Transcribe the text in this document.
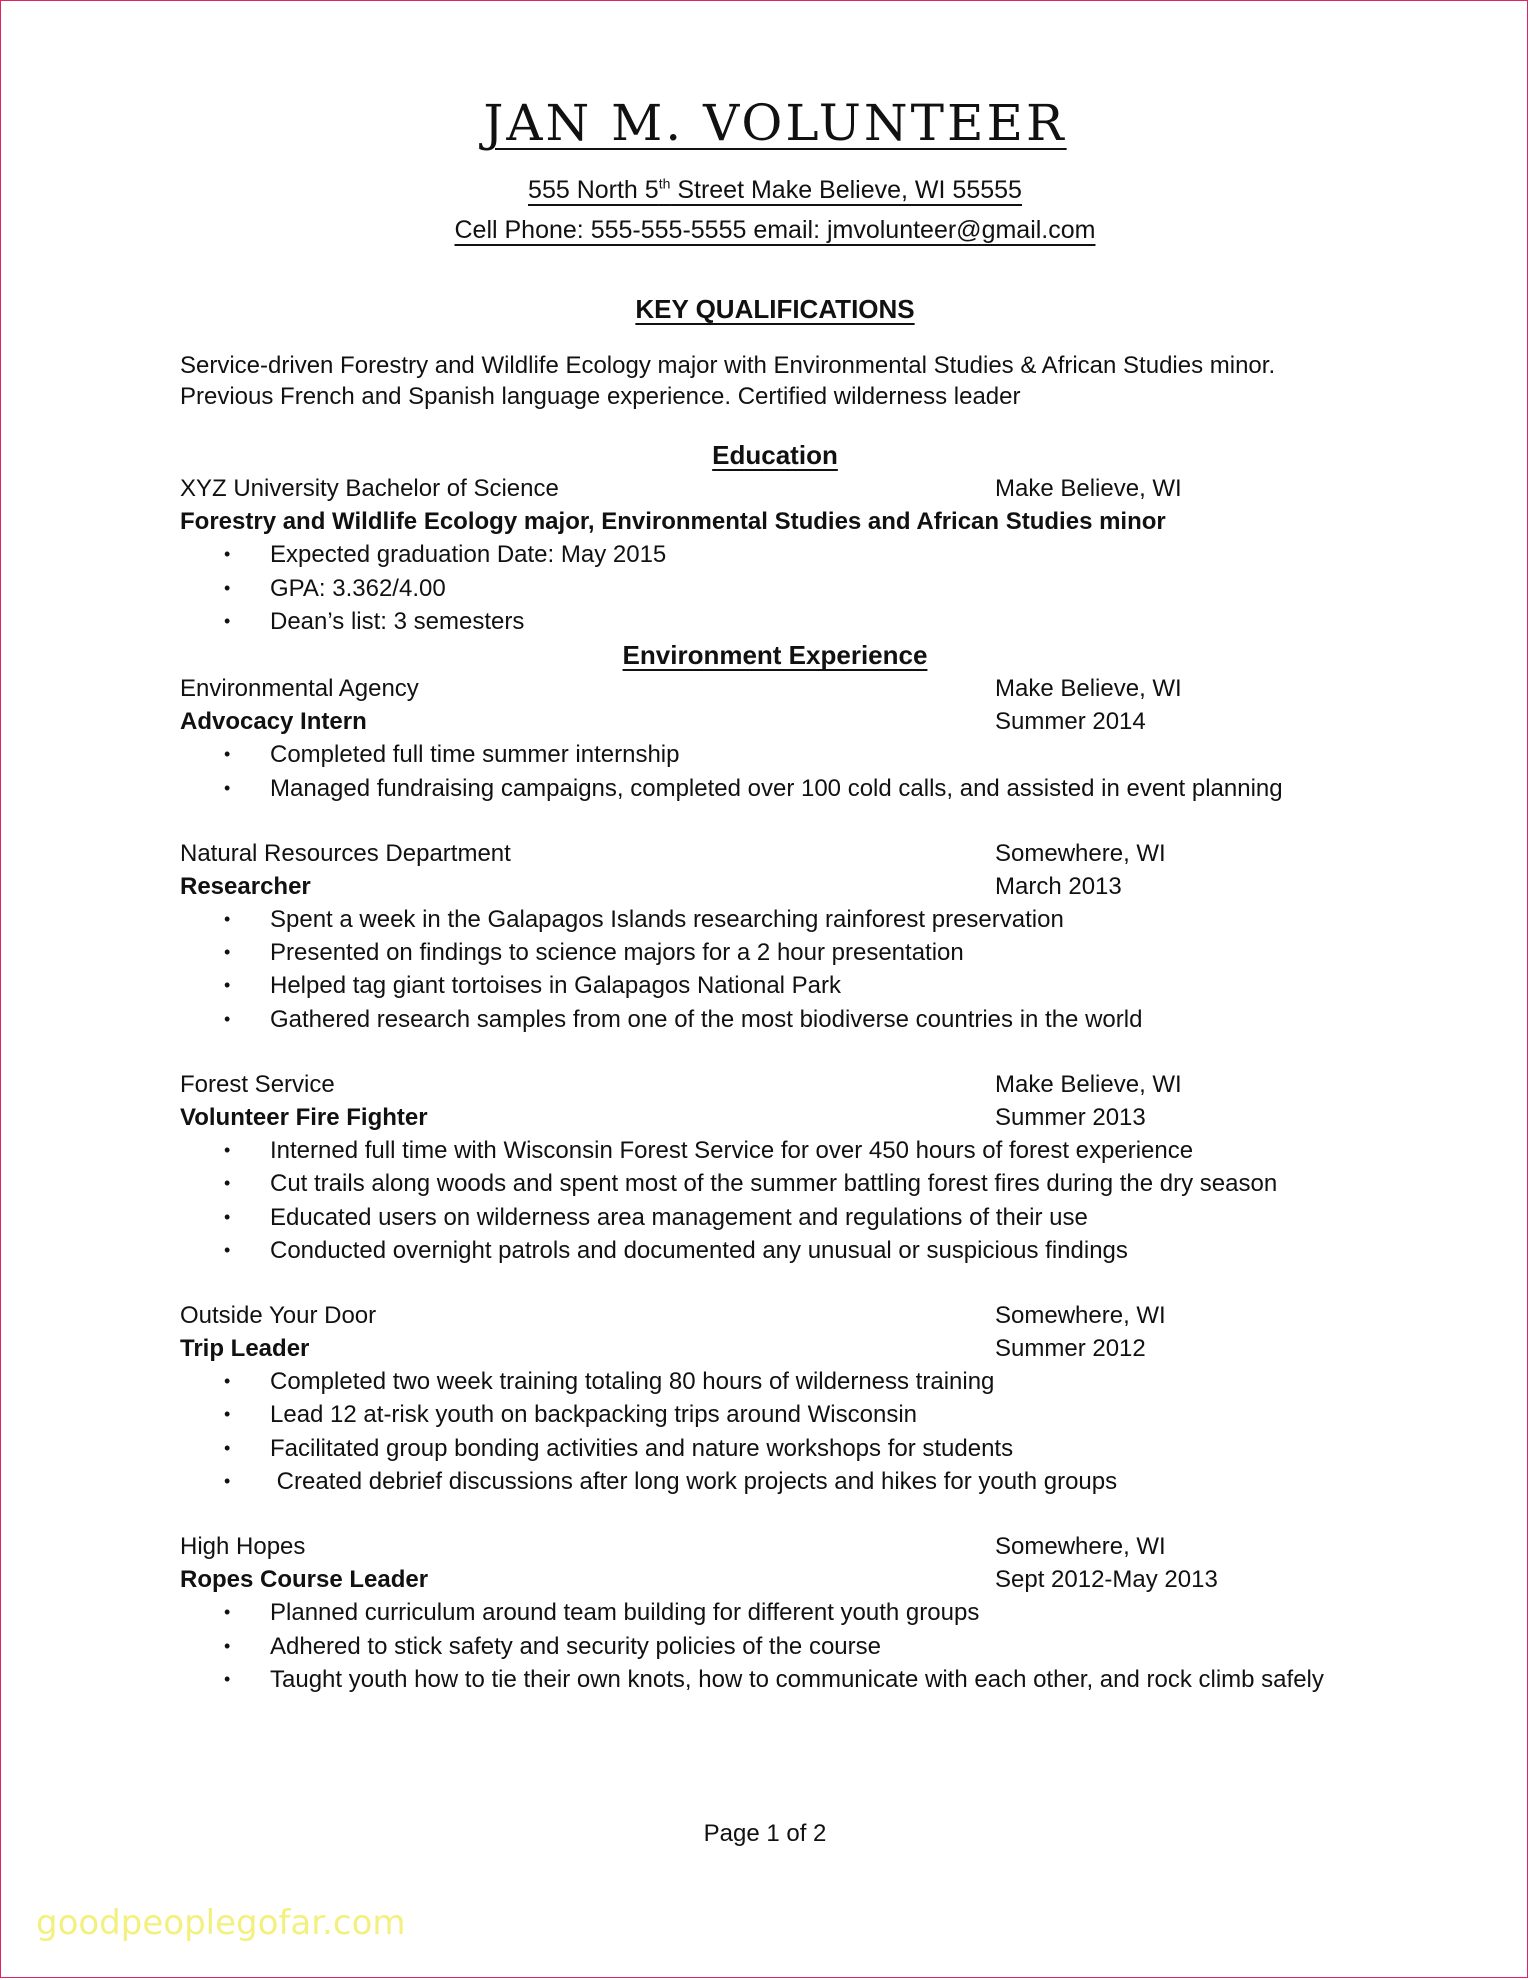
JAN M. VOLUNTEER

555 North 5th Street Make Believe, WI 55555

Cell Phone: 555-555-5555 email: jmvolunteer@gmail.com

KEY QUALIFICATIONS

Service-driven Forestry and Wildlife Ecology major with Environmental Studies & African Studies minor. Previous French and Spanish language experience. Certified wilderness leader

Education

XYZ University Bachelor of Science	Make Believe, WI
Forestry and Wildlife Ecology major, Environmental Studies and African Studies minor
• Expected graduation Date: May 2015
• GPA: 3.362/4.00
• Dean’s list: 3 semesters

Environment Experience

Environmental Agency	Make Believe, WI
Advocacy Intern	Summer 2014
• Completed full time summer internship
• Managed fundraising campaigns, completed over 100 cold calls, and assisted in event planning
Natural Resources Department	Somewhere, WI
Researcher	March 2013
• Spent a week in the Galapagos Islands researching rainforest preservation
• Presented on findings to science majors for a 2 hour presentation
• Helped tag giant tortoises in Galapagos National Park
• Gathered research samples from one of the most biodiverse countries in the world
Forest Service	Make Believe, WI
Volunteer Fire Fighter	Summer 2013
• Interned full time with Wisconsin Forest Service for over 450 hours of forest experience
• Cut trails along woods and spent most of the summer battling forest fires during the dry season
• Educated users on wilderness area management and regulations of their use
• Conducted overnight patrols and documented any unusual or suspicious findings
Outside Your Door	Somewhere, WI
Trip Leader	Summer 2012
• Completed two week training totaling 80 hours of wilderness training
• Lead 12 at-risk youth on backpacking trips around Wisconsin
• Facilitated group bonding activities and nature workshops for students
• Created debrief discussions after long work projects and hikes for youth groups
High Hopes	Somewhere, WI
Ropes Course Leader	Sept 2012-May 2013
• Planned curriculum around team building for different youth groups
• Adhered to stick safety and security policies of the course
• Taught youth how to tie their own knots, how to communicate with each other, and rock climb safely
Page 1 of 2
goodpeoplegofar.com
